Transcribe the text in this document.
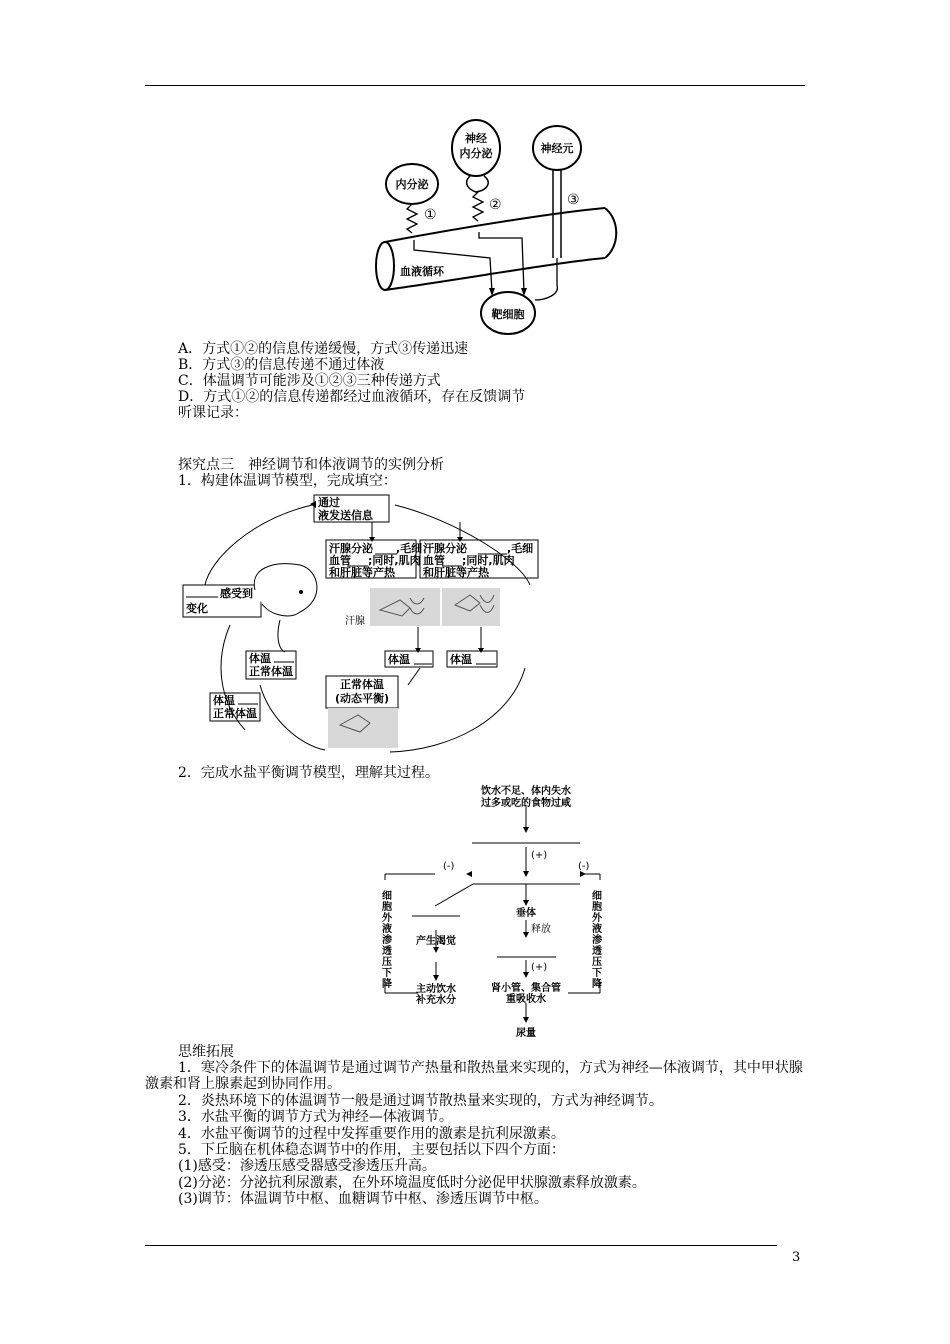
3
内分泌
神经
内分泌	神经元
①
②	③
血液循环
靶细胞
A．方式①②的信息传递缓慢，方式③传递迅速
B．方式③的信息传递不通过体液
C．体温调节可能涉及①②③三种传递方式
D．方式①②的信息传递都经过血液循环，存在反馈调节
听课记录：
探究点三　神经调节和体液调节的实例分析
1．构建体温调节模型，完成填空：
通过
液发送信息
感受到
变化
汗腺分泌 ,毛细
血管 ;同时,肌肉
和肝脏等产热
汗腺分泌	,毛细
血管 ;同时,肌肉
和肝脏等产热
汗腺
体温	体温
体温
正常体温
体温
正常体温
正常体温
(动态平衡)
2．完成水盐平衡调节模型，理解其过程。
饮水不足、体内失水
过多或吃的食物过咸
(+)
(+)
(-)	(-)
细胞外液渗透压下降	细胞外液渗透压下降
产生渴觉
主动饮水
补充水分
垂体
释放
肾小管、集合管
重吸收水
尿量
思维拓展
1．寒冷条件下的体温调节是通过调节产热量和散热量来实现的，方式为神经—体液调节，其中甲状腺激素和肾上腺素起到协同作用。
2．炎热环境下的体温调节一般是通过调节散热量来实现的，方式为神经调节。
3．水盐平衡的调节方式为神经—体液调节。
4．水盐平衡调节的过程中发挥重要作用的激素是抗利尿激素。
5．下丘脑在机体稳态调节中的作用，主要包括以下四个方面：
(1)感受：渗透压感受器感受渗透压升高。
(2)分泌：分泌抗利尿激素，在外环境温度低时分泌促甲状腺激素释放激素。
(3)调节：体温调节中枢、血糖调节中枢、渗透压调节中枢。
